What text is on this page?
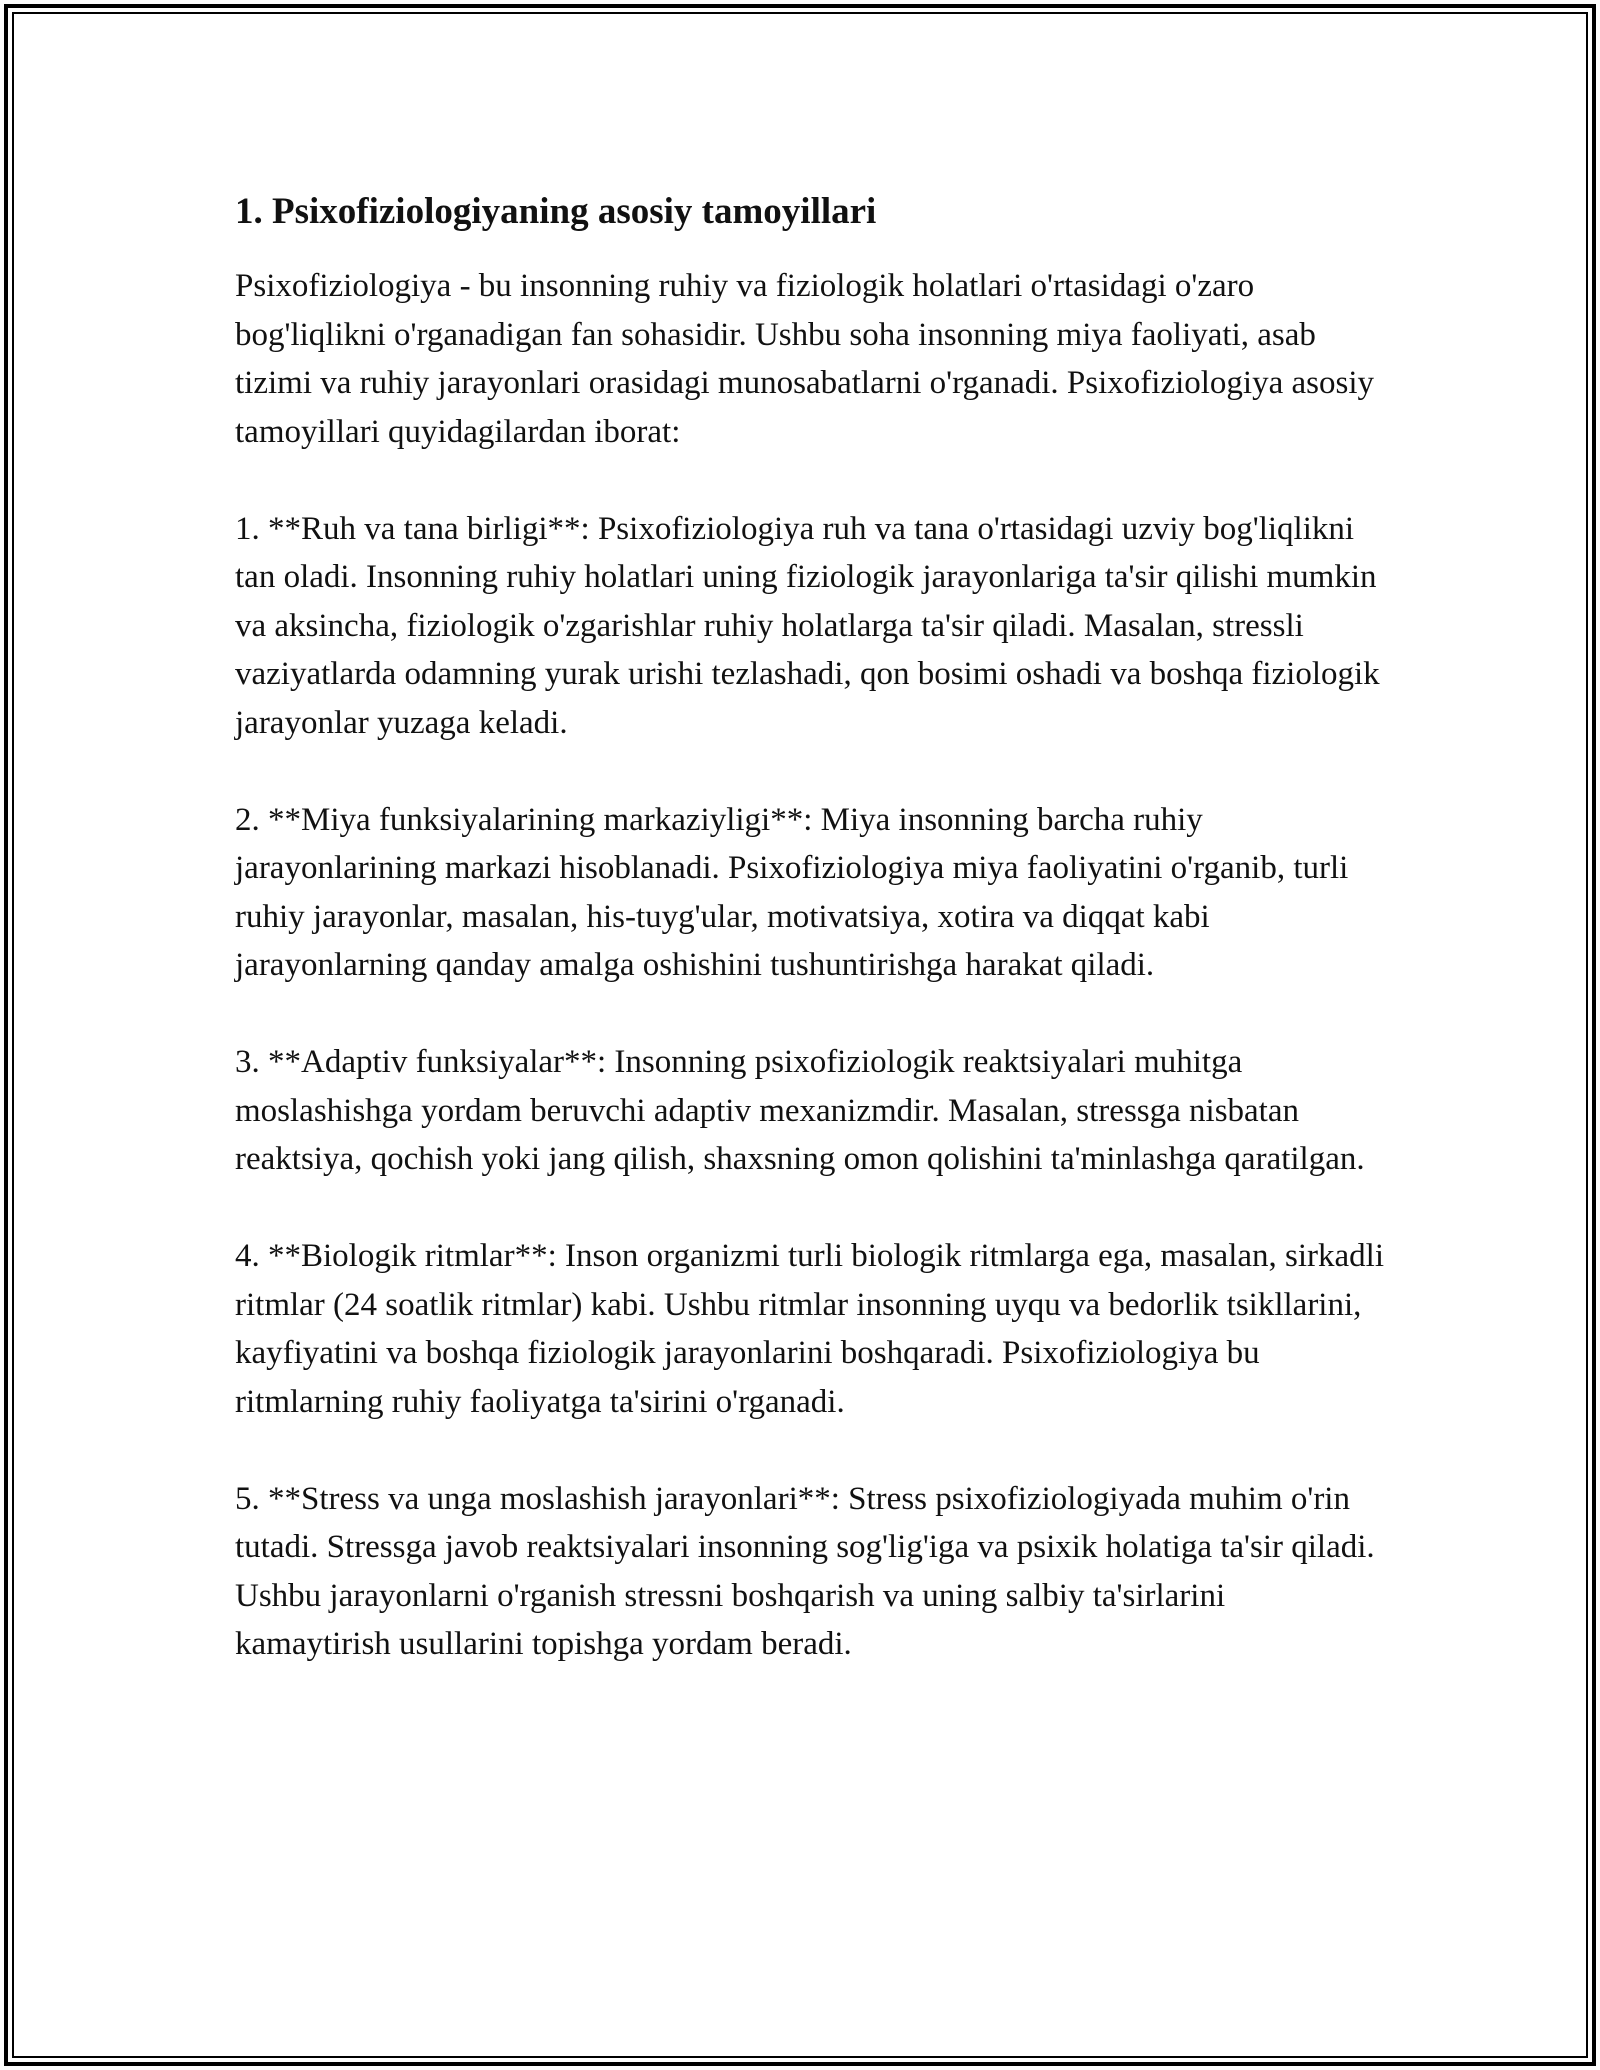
1. Psixofiziologiyaning asosiy tamoyillari

Psixofiziologiya - bu insonning ruhiy va fiziologik holatlari o'rtasidagi o'zaro bog'liqlikni o'rganadigan fan sohasidir. Ushbu soha insonning miya faoliyati, asab tizimi va ruhiy jarayonlari orasidagi munosabatlarni o'rganadi. Psixofiziologiya asosiy tamoyillari quyidagilardan iborat:

1. **Ruh va tana birligi**: Psixofiziologiya ruh va tana o'rtasidagi uzviy bog'liqlikni tan oladi. Insonning ruhiy holatlari uning fiziologik jarayonlariga ta'sir qilishi mumkin va aksincha, fiziologik o'zgarishlar ruhiy holatlarga ta'sir qiladi. Masalan, stressli vaziyatlarda odamning yurak urishi tezlashadi, qon bosimi oshadi va boshqa fiziologik jarayonlar yuzaga keladi.

2. **Miya funksiyalarining markaziyligi**: Miya insonning barcha ruhiy jarayonlarining markazi hisoblanadi. Psixofiziologiya miya faoliyatini o'rganib, turli ruhiy jarayonlar, masalan, his-tuyg'ular, motivatsiya, xotira va diqqat kabi jarayonlarning qanday amalga oshishini tushuntirishga harakat qiladi.

3. **Adaptiv funksiyalar**: Insonning psixofiziologik reaktsiyalari muhitga moslashishga yordam beruvchi adaptiv mexanizmdir. Masalan, stressga nisbatan reaktsiya, qochish yoki jang qilish, shaxsning omon qolishini ta'minlashga qaratilgan.

4. **Biologik ritmlar**: Inson organizmi turli biologik ritmlarga ega, masalan, sirkadli ritmlar (24 soatlik ritmlar) kabi. Ushbu ritmlar insonning uyqu va bedorlik tsikllarini, kayfiyatini va boshqa fiziologik jarayonlarini boshqaradi. Psixofiziologiya bu ritmlarning ruhiy faoliyatga ta'sirini o'rganadi.

5. **Stress va unga moslashish jarayonlari**: Stress psixofiziologiyada muhim o'rin tutadi. Stressga javob reaktsiyalari insonning sog'lig'iga va psixik holatiga ta'sir qiladi. Ushbu jarayonlarni o'rganish stressni boshqarish va uning salbiy ta'sirlarini kamaytirish usullarini topishga yordam beradi.
